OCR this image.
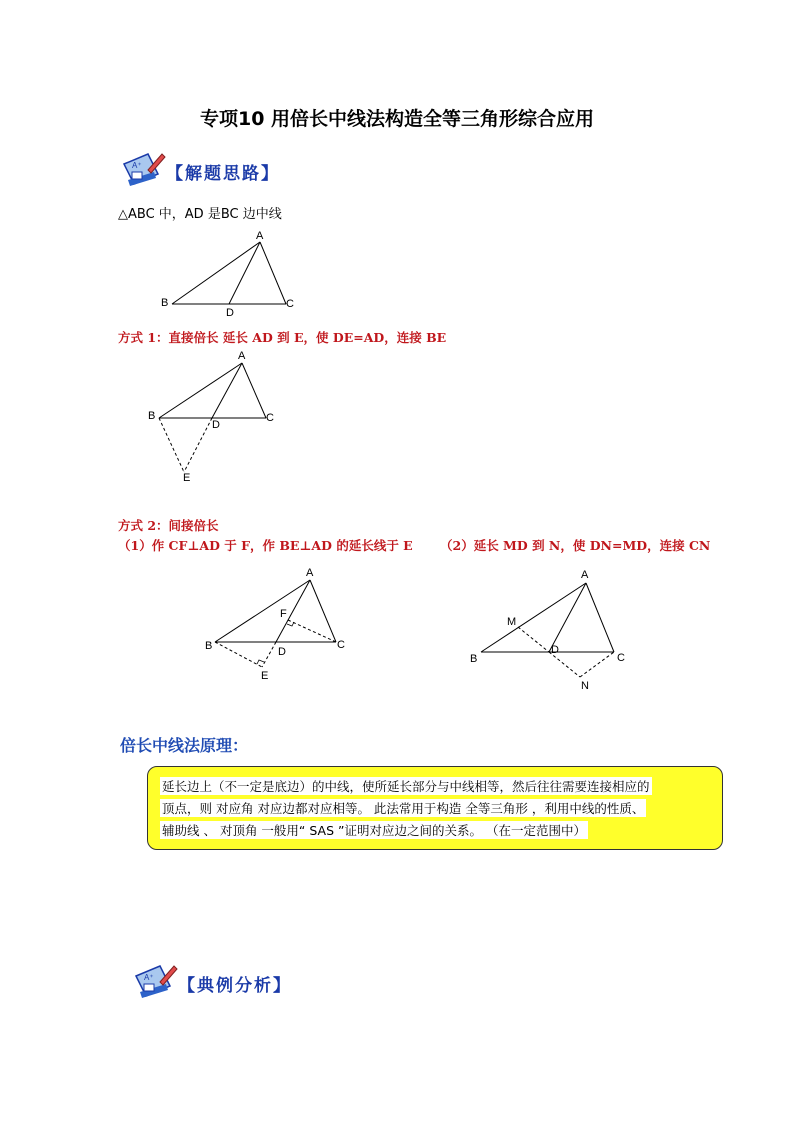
专项10 用倍长中线法构造全等三角形综合应用
A⁺ 【解题思路】
△ABC 中，AD 是BC 边中线
A
B	C
D
方式 1：直接倍长 延长 AD 到 E，使 DE=AD，连接 BE
A
B	C
D
E
方式 2：间接倍长
（1）作 CF⊥AD 于 F，作 BE⊥AD 的延长线于 E （2）延长 MD 到 N，使 DN=MD，连接 CN
A
B	C
D
F
E
A
B	C
D
M
N
倍长中线法原理：
延长边上（不一定是底边）的中线，使所延长部分与中线相等，然后往往需要连接相应的
顶点，则 对应角 对应边都对应相等。 此法常用于构造 全等三角形 ，利用中线的性质、
辅助线 、 对顶角 一般用“ SAS ”证明对应边之间的关系。 （在一定范围中）
A⁺ 【典例分析】
